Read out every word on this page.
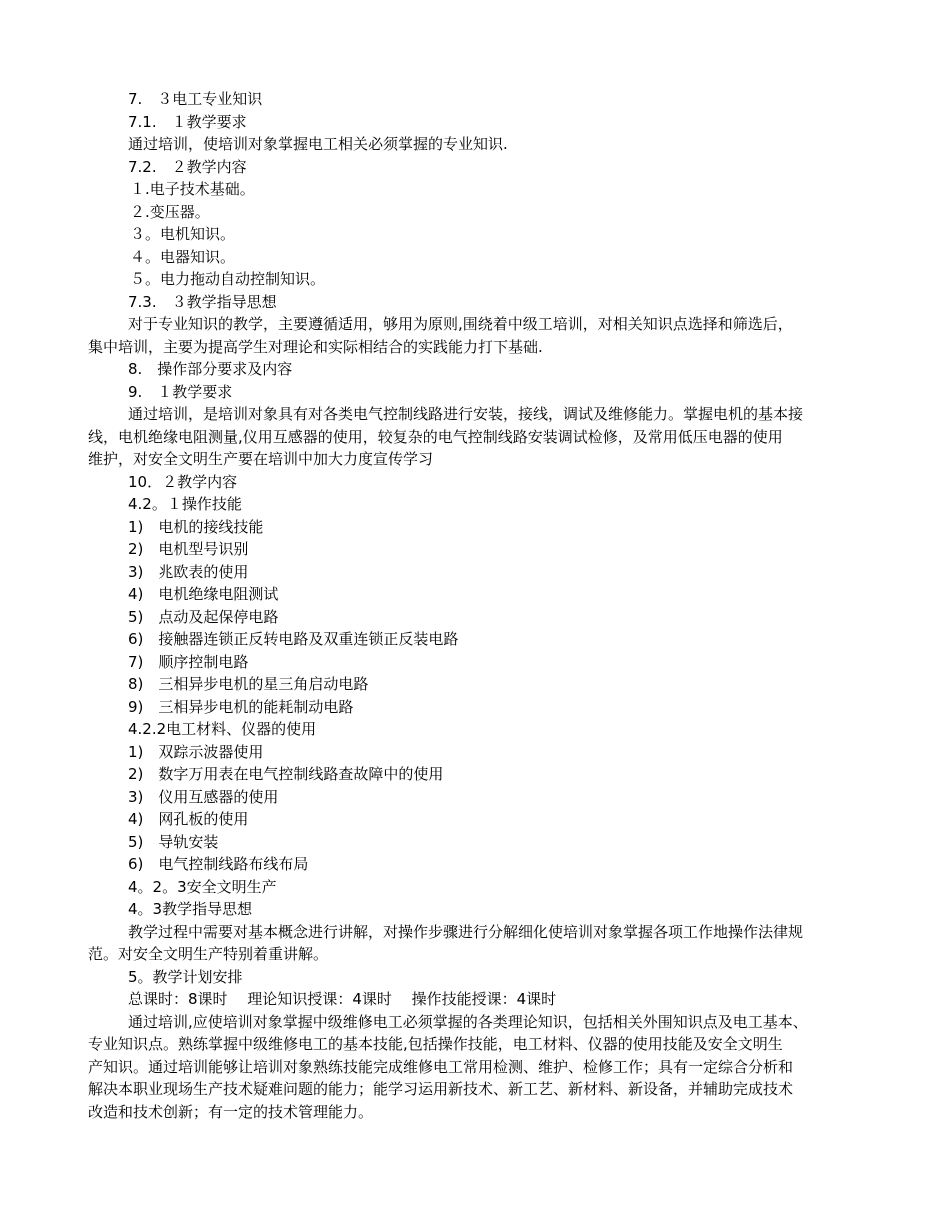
7.　３电工专业知识
7.1.　１教学要求
通过培训，使培训对象掌握电工相关必须掌握的专业知识.
7.2.　２教学内容
１.电子技术基础。
２.变压器。
３。电机知识。
４。电器知识。
５。电力拖动自动控制知识。
7.3.　３教学指导思想
对于专业知识的教学，主要遵循适用，够用为原则,围绕着中级工培训，对相关知识点选择和筛选后，
集中培训，主要为提高学生对理论和实际相结合的实践能力打下基础.
8.　操作部分要求及内容
9.　１教学要求
通过培训，是培训对象具有对各类电气控制线路进行安装，接线，调试及维修能力。掌握电机的基本接
线，电机绝缘电阻测量,仪用互感器的使用，较复杂的电气控制线路安装调试检修，及常用低压电器的使用
维护，对安全文明生产要在培训中加大力度宣传学习
10．２教学内容
4.2。１操作技能
1)　电机的接线技能
2)　电机型号识别
3)　兆欧表的使用
4)　电机绝缘电阻测试
5)　点动及起保停电路
6)　接触器连锁正反转电路及双重连锁正反装电路
7)　顺序控制电路
8)　三相异步电机的星三角启动电路
9)　三相异步电机的能耗制动电路
4.2.2电工材料、仪器的使用
1)　双踪示波器使用
2)　数字万用表在电气控制线路查故障中的使用
3)　仪用互感器的使用
4)　网孔板的使用
5)　导轨安装
6)　电气控制线路布线布局
4。2。3安全文明生产
4。3教学指导思想
教学过程中需要对基本概念进行讲解，对操作步骤进行分解细化使培训对象掌握各项工作地操作法律规
范。对安全文明生产特别着重讲解。
5。教学计划安排
总课时：8课时　 理论知识授课：4课时　 操作技能授课：4课时
通过培训,应使培训对象掌握中级维修电工必须掌握的各类理论知识，包括相关外围知识点及电工基本、
专业知识点。熟练掌握中级维修电工的基本技能,包括操作技能，电工材料、仪器的使用技能及安全文明生
产知识。通过培训能够让培训对象熟练技能完成维修电工常用检测、维护、检修工作；具有一定综合分析和
解决本职业现场生产技术疑难问题的能力；能学习运用新技术、新工艺、新材料、新设备，并辅助完成技术
改造和技术创新；有一定的技术管理能力。
